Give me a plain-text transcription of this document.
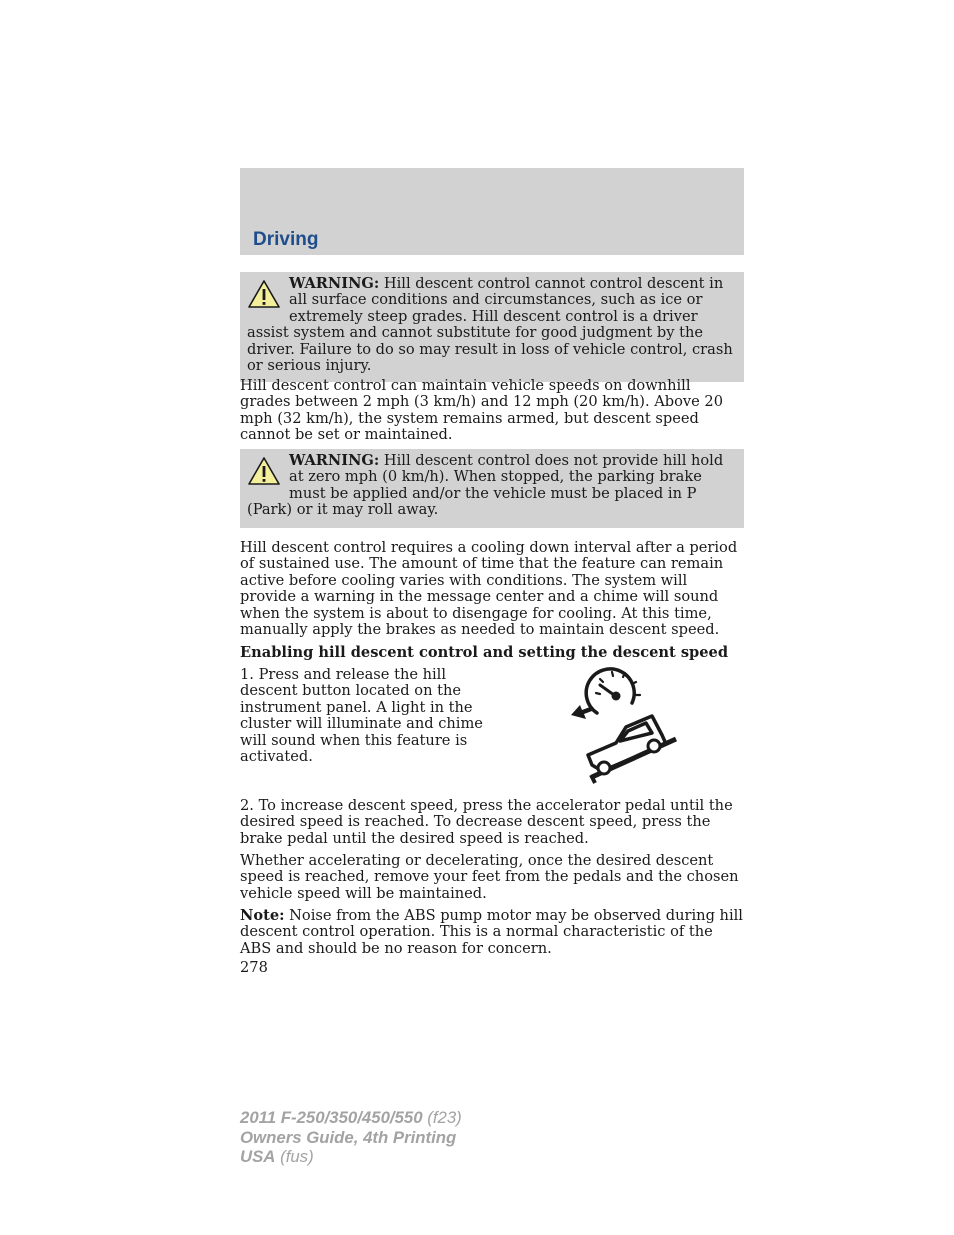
Driving
WARNING: Hill descent control cannot control descent in all surface conditions and circumstances, such as ice or extremely steep grades. Hill descent control is a driver assist system and cannot substitute for good judgment by the driver. Failure to do so may result in loss of vehicle control, crash or serious injury.

Hill descent control can maintain vehicle speeds on downhill grades between 2 mph (3 km/h) and 12 mph (20 km/h). Above 20 mph (32 km/h), the system remains armed, but descent speed cannot be set or maintained.

WARNING: Hill descent control does not provide hill hold at zero mph (0 km/h). When stopped, the parking brake must be applied and/or the vehicle must be placed in P (Park) or it may roll away.

Hill descent control requires a cooling down interval after a period of sustained use. The amount of time that the feature can remain active before cooling varies with conditions. The system will provide a warning in the message center and a chime will sound when the system is about to disengage for cooling. At this time, manually apply the brakes as needed to maintain descent speed.

Enabling hill descent control and setting the descent speed

1. Press and release the hill descent button located on the instrument panel. A light in the cluster will illuminate and chime will sound when this feature is activated.

2. To increase descent speed, press the accelerator pedal until the desired speed is reached. To decrease descent speed, press the brake pedal until the desired speed is reached.

Whether accelerating or decelerating, once the desired descent speed is reached, remove your feet from the pedals and the chosen vehicle speed will be maintained.

Note: Noise from the ABS pump motor may be observed during hill descent control operation. This is a normal characteristic of the ABS and should be no reason for concern.

278
2011 F-250/350/450/550 (f23)
Owners Guide, 4th Printing
USA (fus)
